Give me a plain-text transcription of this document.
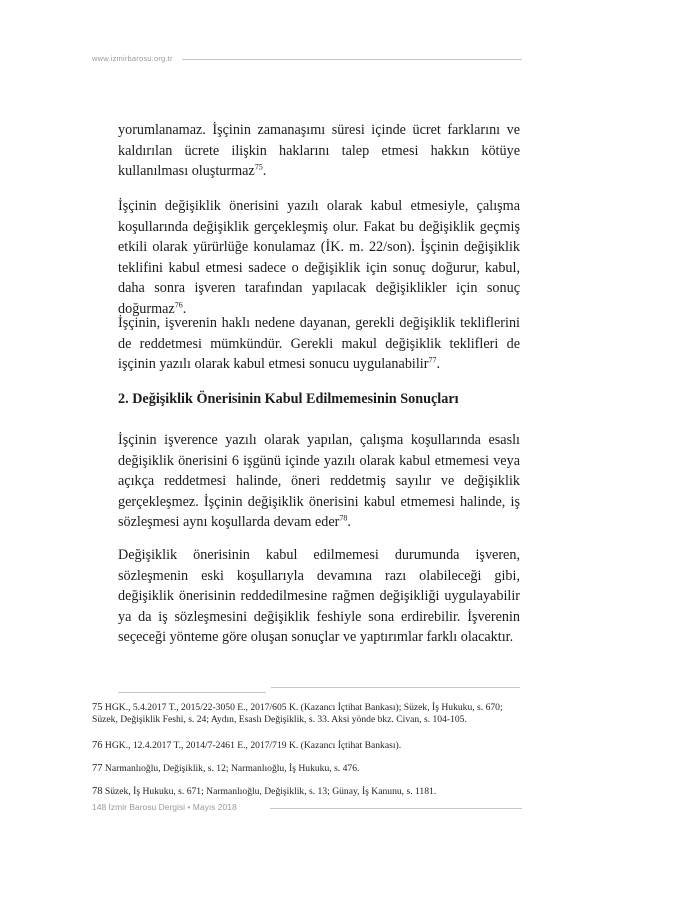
www.izmirbarosu.org.tr

yorumlanamaz. İşçinin zamanaşımı süresi içinde ücret farklarını ve kaldırılan ücrete ilişkin haklarını talep etmesi hakkın kötüye kullanılması oluşturmaz$^{75}$.

İşçinin değişiklik önerisini yazılı olarak kabul etmesiyle, çalışma koşullarında değişiklik gerçekleşmiş olur. Fakat bu değişiklik geçmiş etkili olarak yürürlüğe konulamaz (İK. m. 22/son). İşçinin değişiklik teklifini kabul etmesi sadece o değişiklik için sonuç doğurur, kabul, daha sonra işveren tarafından yapılacak değişiklikler için sonuç doğurmaz$^{76}$.

İşçinin, işverenin haklı nedene dayanan, gerekli değişiklik tekliflerini de reddetmesi mümkündür. Gerekli makul değişiklik teklifleri de işçinin yazılı olarak kabul etmesi sonucu uygulanabilir$^{77}$.

2. Değişiklik Önerisinin Kabul Edilmemesinin Sonuçları

İşçinin işverence yazılı olarak yapılan, çalışma koşullarında esaslı değişiklik önerisini 6 işgünü içinde yazılı olarak kabul etmemesi veya açıkça reddetmesi halinde, öneri reddetmiş sayılır ve değişiklik gerçekleşmez. İşçinin değişiklik önerisini kabul etmemesi halinde, iş sözleşmesi aynı koşullarda devam eder$^{78}$.

Değişiklik önerisinin kabul edilmemesi durumunda işveren, sözleşmenin eski koşullarıyla devamına razı olabileceği gibi, değişiklik önerisinin reddedilmesine rağmen değişikliği uygulayabilir ya da iş sözleşmesini değişiklik feshiyle sona erdirebilir. İşverenin seçeceği yönteme göre oluşan sonuçlar ve yaptırımlar farklı olacaktır.

75 HGK., 5.4.2017 T., 2015/22-3050 E., 2017/605 K. (Kazancı İçtihat Bankası); Süzek, İş Hukuku, s. 670; Süzek, Değişiklik Feshi, s. 24; Aydın, Esaslı Değişiklik, s. 33. Aksi yönde bkz. Civan, s. 104-105.

76 HGK., 12.4.2017 T., 2014/7-2461 E., 2017/719 K. (Kazancı İçtihat Bankası).

77 Narmanlıoğlu, Değişiklik, s. 12; Narmanlıoğlu, İş Hukuku, s. 476.

78 Süzek, İş Hukuku, s. 671; Narmanlıoğlu, Değişiklik, s. 13; Günay, İş Kanunu, s. 1181.

148 İzmir Barosu Dergisi • Mayıs 2018
